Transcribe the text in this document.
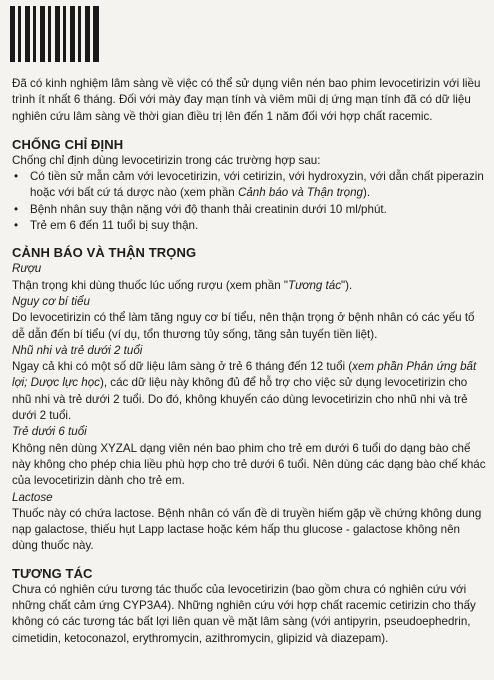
Đã có kinh nghiệm lâm sàng về việc có thể sử dụng viên nén bao phim levocetirizin với liều trình ít nhất 6 tháng. Đối với mày đay mạn tính và viêm mũi dị ứng mạn tính đã có dữ liệu nghiên cứu lâm sàng về thời gian điều trị lên đến 1 năm đối với hợp chất racemic.

CHỐNG CHỈ ĐỊNH

Chống chỉ định dùng levocetirizin trong các trường hợp sau:

• Có tiền sử mẫn cảm với levocetirizin, với cetirizin, với hydroxyzin, với dẫn chất piperazin hoặc với bất cứ tá dược nào (xem phần Cảnh báo và Thận trọng).
• Bệnh nhân suy thận nặng với độ thanh thải creatinin dưới 10 ml/phút.
• Trẻ em 6 đến 11 tuổi bị suy thận.
CẢNH BÁO VÀ THẬN TRỌNG

Rượu

Thận trọng khi dùng thuốc lúc uống rượu (xem phần "Tương tác").

Nguy cơ bí tiểu

Do levocetirizin có thể làm tăng nguy cơ bí tiểu, nên thận trọng ở bệnh nhân có các yếu tố dễ dẫn đến bí tiểu (ví dụ, tổn thương tủy sống, tăng sản tuyến tiền liệt).

Nhũ nhi và trẻ dưới 2 tuổi

Ngay cả khi có một số dữ liệu lâm sàng ở trẻ 6 tháng đến 12 tuổi (xem phần Phản ứng bất lợi; Dược lực học), các dữ liệu này không đủ để hỗ trợ cho việc sử dụng levocetirizin cho nhũ nhi và trẻ dưới 2 tuổi. Do đó, không khuyến cáo dùng levocetirizin cho nhũ nhi và trẻ dưới 2 tuổi.

Trẻ dưới 6 tuổi

Không nên dùng XYZAL dạng viên nén bao phim cho trẻ em dưới 6 tuổi do dạng bào chế này không cho phép chia liều phù hợp cho trẻ dưới 6 tuổi. Nên dùng các dạng bào chế khác của levocetirizin dành cho trẻ em.

Lactose

Thuốc này có chứa lactose. Bệnh nhân có vấn đề di truyền hiếm gặp về chứng không dung nạp galactose, thiếu hụt Lapp lactase hoặc kém hấp thu glucose - galactose không nên dùng thuốc này.

TƯƠNG TÁC

Chưa có nghiên cứu tương tác thuốc của levocetirizin (bao gồm chưa có nghiên cứu với những chất cảm ứng CYP3A4). Những nghiên cứu với hợp chất racemic cetirizin cho thấy không có các tương tác bất lợi liên quan về mặt lâm sàng (với antipyrin, pseudoephedrin, cimetidin, ketoconazol, erythromycin, azithromycin, glipizid và diazepam).
